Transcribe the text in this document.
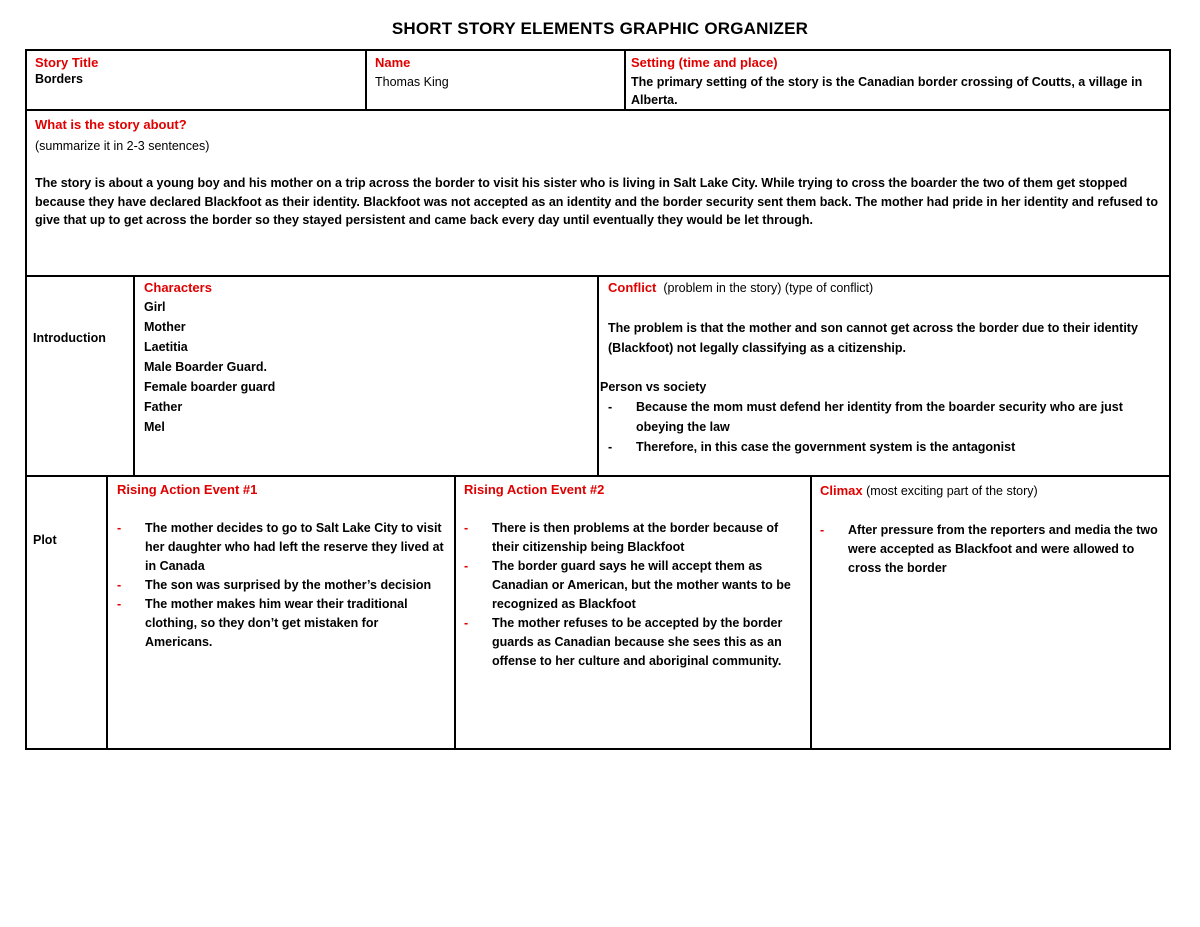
SHORT STORY ELEMENTS GRAPHIC ORGANIZER
Story Title
Borders
Name
Thomas King
Setting (time and place)
The primary setting of the story is the Canadian border crossing of Coutts, a village in Alberta.
What is the story about?
(summarize it in 2-3 sentences)
The story is about a young boy and his mother on a trip across the border to visit his sister who is living in Salt Lake City. While trying to cross the boarder the two of them get stopped because they have declared Blackfoot as their identity. Blackfoot was not accepted as an identity and the border security sent them back. The mother had pride in her identity and refused to give that up to get across the border so they stayed persistent and came back every day until eventually they would be let through.
Introduction
Characters
Girl
Mother
Laetitia
Male Boarder Guard.
Female boarder guard
Father
Mel
Conflict (problem in the story) (type of conflict)
The problem is that the mother and son cannot get across the border due to their identity (Blackfoot) not legally classifying as a citizenship.
Person vs society
- Because the mom must defend her identity from the boarder security who are just obeying the law
- Therefore, in this case the government system is the antagonist
Plot
Rising Action Event #1
- The mother decides to go to Salt Lake City to visit her daughter who had left the reserve they lived at in Canada
- The son was surprised by the mother’s decision
- The mother makes him wear their traditional clothing, so they don’t get mistaken for Americans.
Rising Action Event #2
- There is then problems at the border because of their citizenship being Blackfoot
- The border guard says he will accept them as Canadian or American, but the mother wants to be recognized as Blackfoot
- The mother refuses to be accepted by the border guards as Canadian because she sees this as an offense to her culture and aboriginal community.
Climax (most exciting part of the story)
- After pressure from the reporters and media the two were accepted as Blackfoot and were allowed to cross the border
